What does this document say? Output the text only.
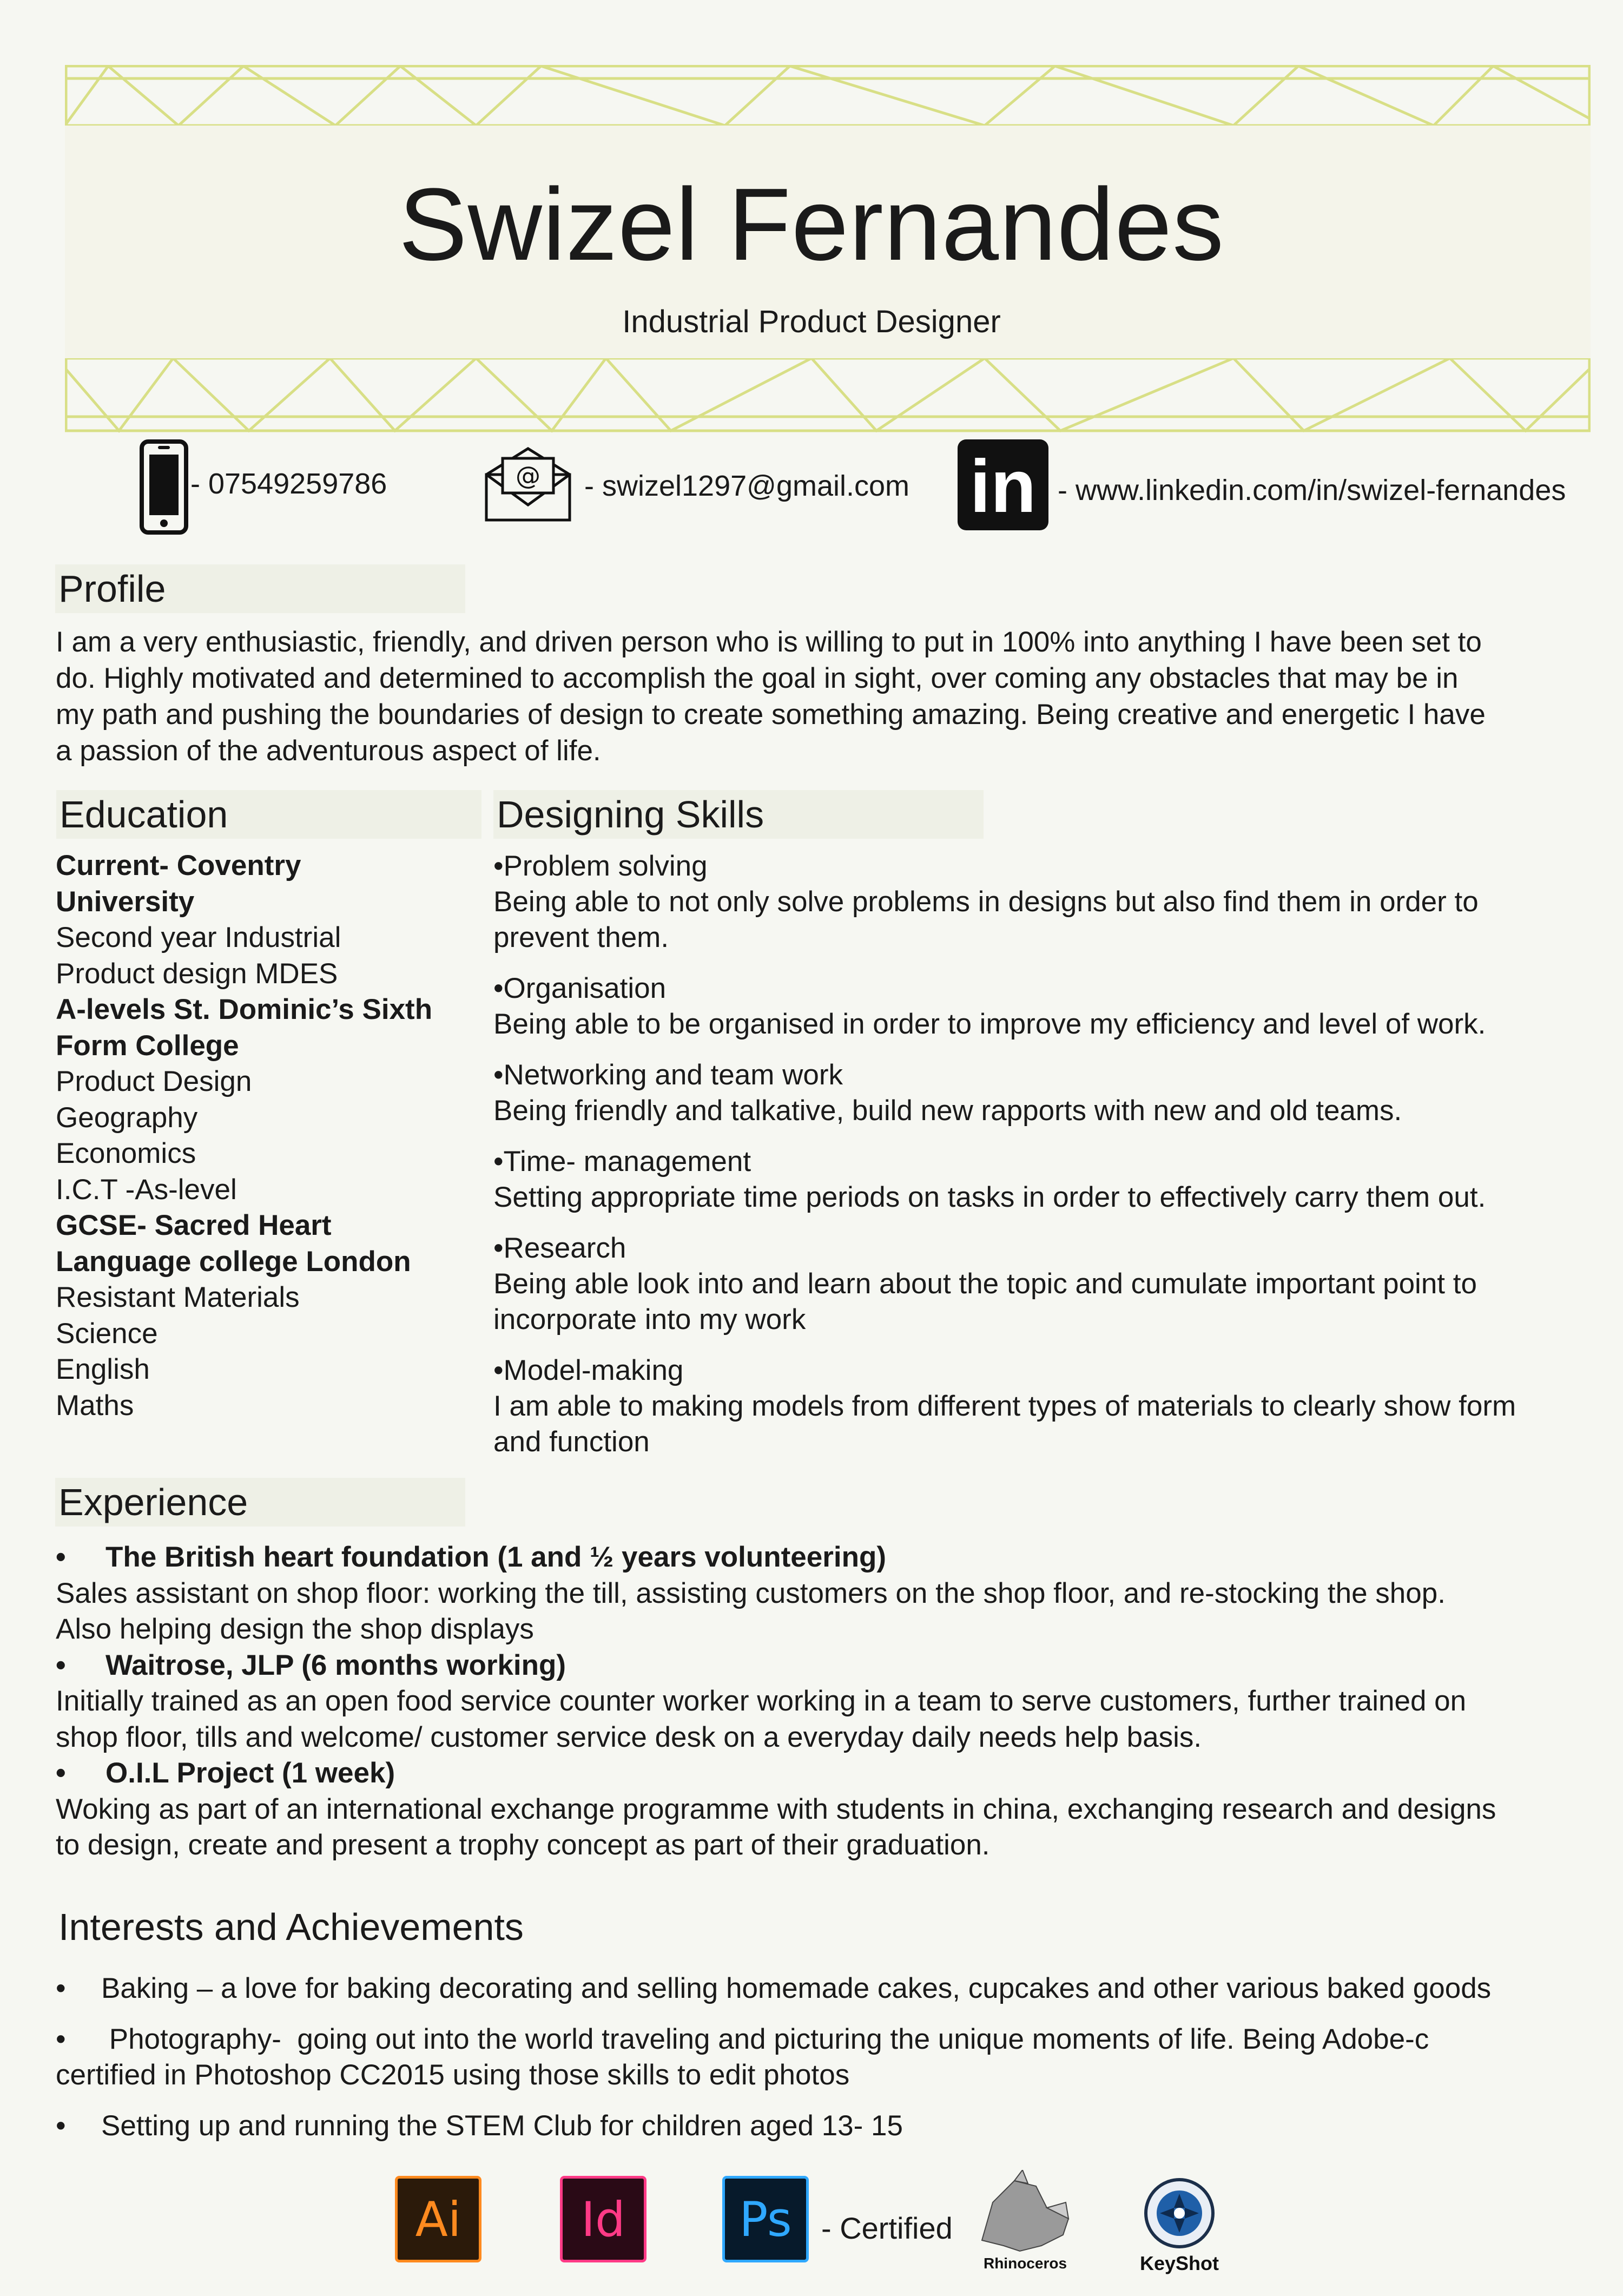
Swizel Fernandes
Industrial Product Designer
- 07549259786	@ - swizel1297@gmail.com in - www.linkedin.com/in/swizel-fernandes
Profile
I am a very enthusiastic, friendly, and driven person who is willing to put in 100% into anything I have been set to
do. Highly motivated and determined to accomplish the goal in sight, over coming any obstacles that may be in
my path and pushing the boundaries of design to create something amazing. Being creative and energetic I have
a passion of the adventurous aspect of life.
Education
Current- Coventry
University
Second year Industrial
Product design MDES
A-levels St. Dominic’s Sixth
Form College
Product Design
Geography
Economics
I.C.T -As-level
GCSE- Sacred Heart
Language college London
Resistant Materials
Science
English
Maths
Designing Skills
•Problem solving
Being able to not only solve problems in designs but also find them in order to
prevent them.
•Organisation
Being able to be organised in order to improve my efficiency and level of work.
•Networking and team work
Being friendly and talkative, build new rapports with new and old teams.
•Time- management
Setting appropriate time periods on tasks in order to effectively carry them out.
•Research
Being able look into and learn about the topic and cumulate important point to
incorporate into my work
•Model-making
I am able to making models from different types of materials to clearly show form
and function
Experience
• The British heart foundation (1 and ½ years volunteering)
Sales assistant on shop floor: working the till, assisting customers on the shop floor, and re-stocking the shop.
Also helping design the shop displays
• Waitrose, JLP (6 months working)
Initially trained as an open food service counter worker working in a team to serve customers, further trained on
shop floor, tills and welcome/ customer service desk on a everyday daily needs help basis.
• O.I.L Project (1 week)
Woking as part of an international exchange programme with students in china, exchanging research and designs
to design, create and present a trophy concept as part of their graduation.
Interests and Achievements
• Baking – a love for baking decorating and selling homemade cakes, cupcakes and other various baked goods
• Photography-  going out into the world traveling and picturing the unique moments of life. Being Adobe-c
certified in Photoshop CC2015 using those skills to edit photos
• Setting up and running the STEM Club for children aged 13- 15
Ai	Id	Ps - Certified
Rhinoceros	KeyShot
